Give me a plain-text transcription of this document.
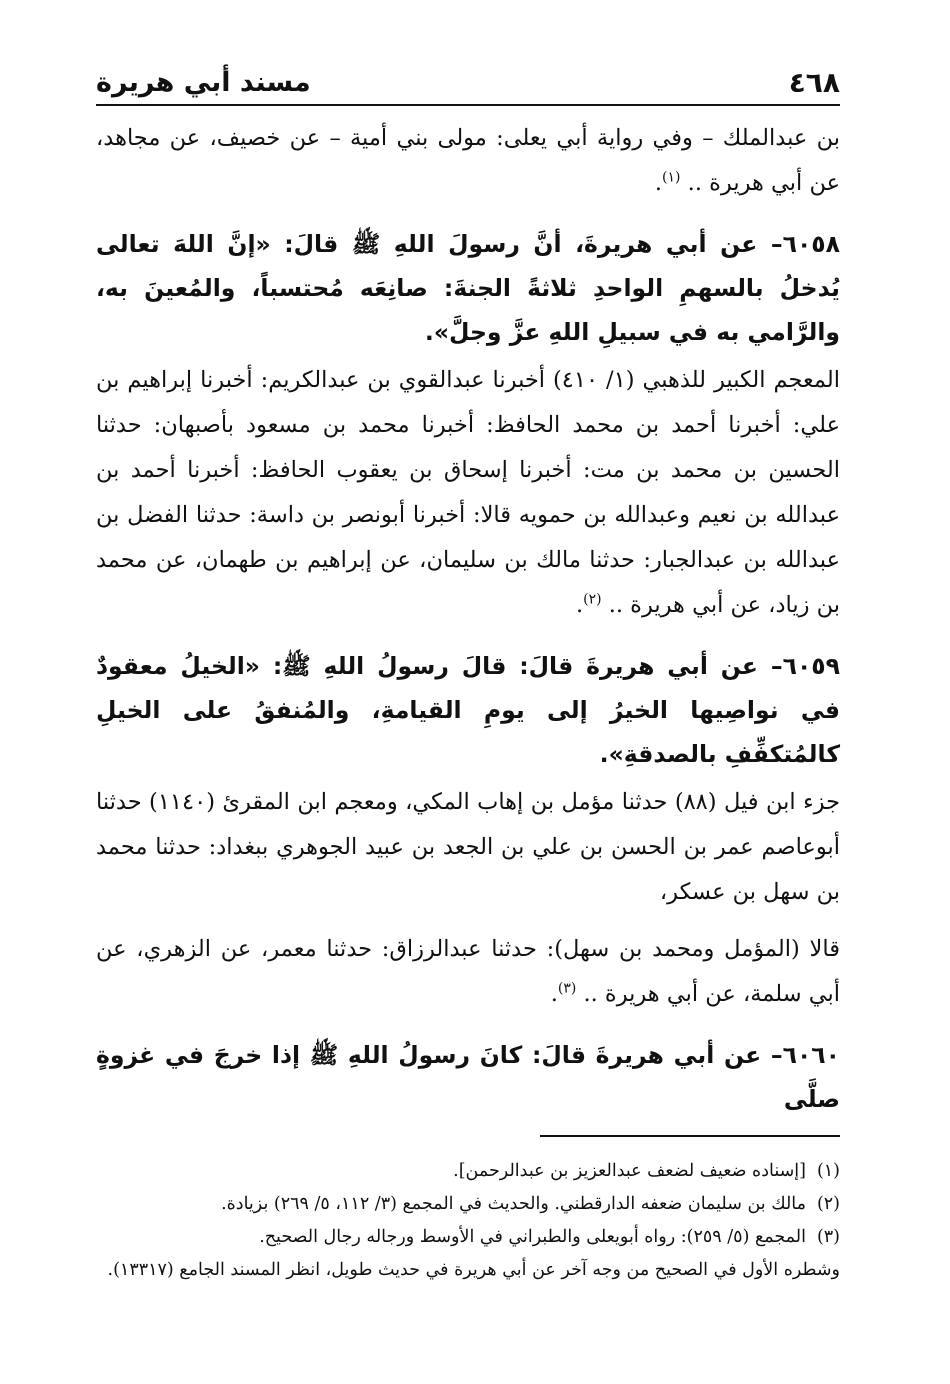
٤٦٨
مسند أبي هريرة

بن عبدالملك – وفي رواية أبي يعلى: مولى بني أمية – عن خصيف، عن مجاهد، عن أبي هريرة .. $^{(١)}$.

٦٠٥٨– عن أبي هريرةَ، أنَّ رسولَ اللهِ ﷺ قالَ: «إنَّ اللهَ تعالى يُدخلُ بالسهمِ الواحدِ ثلاثةً الجنةَ: صانِعَه مُحتسباً، والمُعينَ به، والرَّامي به في سبيلِ اللهِ عزَّ وجلَّ».

المعجم الكبير للذهبي (١/ ٤١٠) أخبرنا عبدالقوي بن عبدالكريم: أخبرنا إبراهيم بن علي: أخبرنا أحمد بن محمد الحافظ: أخبرنا محمد بن مسعود بأصبهان: حدثنا الحسين بن محمد بن مت: أخبرنا إسحاق بن يعقوب الحافظ: أخبرنا أحمد بن عبدالله بن نعيم وعبدالله بن حمويه قالا: أخبرنا أبونصر بن داسة: حدثنا الفضل بن عبدالله بن عبدالجبار: حدثنا مالك بن سليمان، عن إبراهيم بن طهمان، عن محمد بن زياد، عن أبي هريرة .. $^{(٢)}$.

٦٠٥٩– عن أبي هريرةَ قالَ: قالَ رسولُ اللهِ ﷺ: «الخيلُ معقودٌ في نواصِيها الخيرُ إلى يومِ القيامةِ، والمُنفقُ على الخيلِ كالمُتكفِّفِ بالصدقةِ».

جزء ابن فيل (٨٨) حدثنا مؤمل بن إهاب المكي، ومعجم ابن المقرئ (١١٤٠) حدثنا أبوعاصم عمر بن الحسن بن علي بن الجعد بن عبيد الجوهري ببغداد: حدثنا محمد بن سهل بن عسكر،

قالا (المؤمل ومحمد بن سهل): حدثنا عبدالرزاق: حدثنا معمر، عن الزهري، عن أبي سلمة، عن أبي هريرة .. $^{(٣)}$.

٦٠٦٠– عن أبي هريرةَ قالَ: كانَ رسولُ اللهِ ﷺ إذا خرجَ في غزوةٍ صلَّى

(١)[إسناده ضعيف لضعف عبدالعزيز بن عبدالرحمن].

(٢)مالك بن سليمان ضعفه الدارقطني. والحديث في المجمع (٣/ ١١٢، ٥/ ٢٦٩) بزيادة.

(٣)المجمع (٥/ ٢٥٩): رواه أبويعلى والطبراني في الأوسط ورجاله رجال الصحيح.

وشطره الأول في الصحيح من وجه آخر عن أبي هريرة في حديث طويل، انظر المسند الجامع (١٣٣١٧).
